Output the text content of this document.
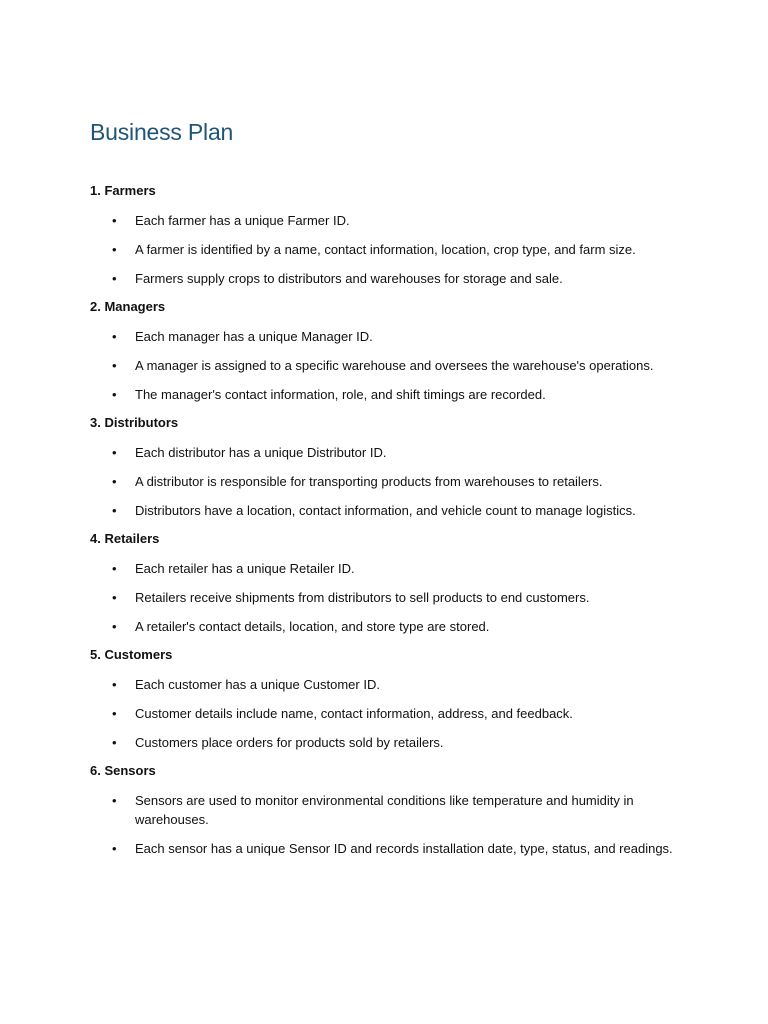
Business Plan
1. Farmers
• Each farmer has a unique Farmer ID.
• A farmer is identified by a name, contact information, location, crop type, and farm size.
• Farmers supply crops to distributors and warehouses for storage and sale.
2. Managers
• Each manager has a unique Manager ID.
• A manager is assigned to a specific warehouse and oversees the warehouse's operations.
• The manager's contact information, role, and shift timings are recorded.
3. Distributors
• Each distributor has a unique Distributor ID.
• A distributor is responsible for transporting products from warehouses to retailers.
• Distributors have a location, contact information, and vehicle count to manage logistics.
4. Retailers
• Each retailer has a unique Retailer ID.
• Retailers receive shipments from distributors to sell products to end customers.
• A retailer's contact details, location, and store type are stored.
5. Customers
• Each customer has a unique Customer ID.
• Customer details include name, contact information, address, and feedback.
• Customers place orders for products sold by retailers.
6. Sensors
• Sensors are used to monitor environmental conditions like temperature and humidity in warehouses.
• Each sensor has a unique Sensor ID and records installation date, type, status, and readings.
